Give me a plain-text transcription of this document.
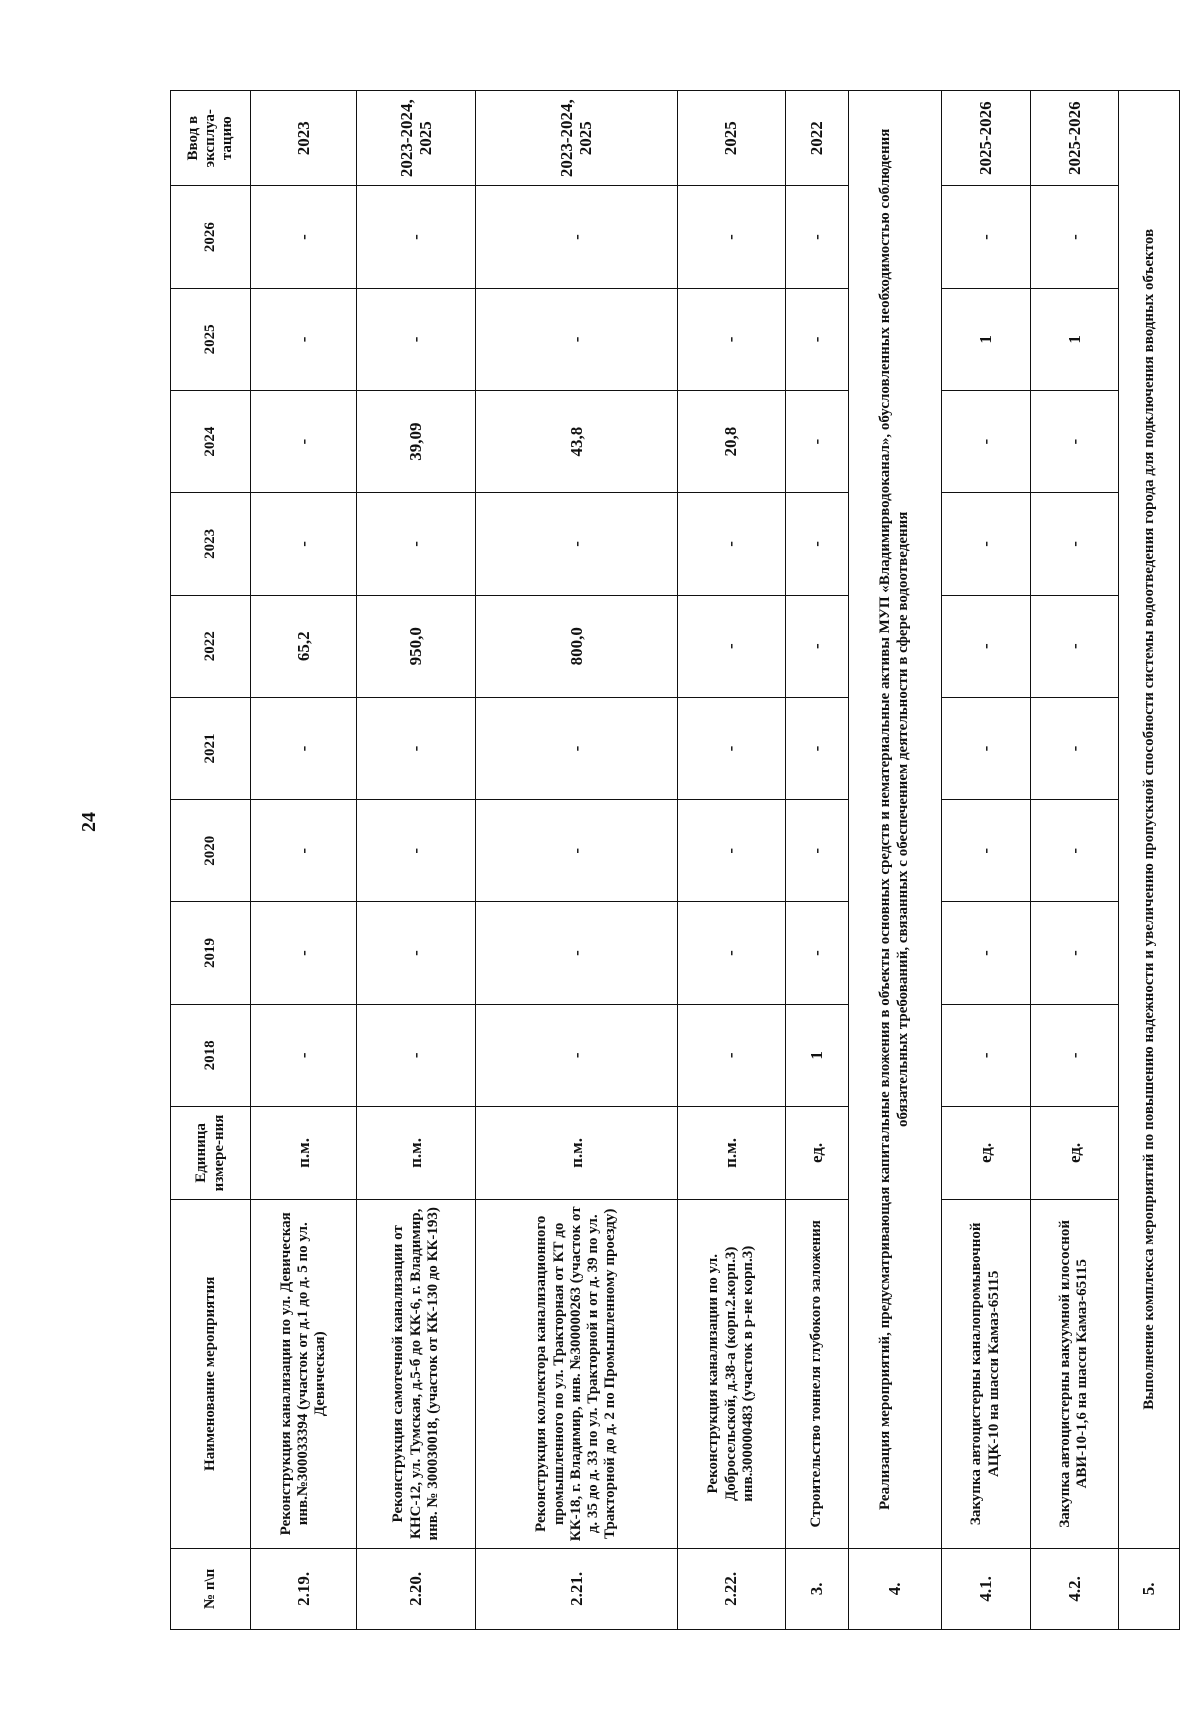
24
№ п\п	Наименование мероприятия	Единица измере-ния	2018	2019	2020	2021	2022	2023	2024	2025	2026	Ввод в эксплуа-тацию
2.19.	Реконструкция канализации по ул. Девическая инв.№300033394 (участок от д.1 до д. 5 по ул. Девическая)	п.м.	-	-	-	-	65,2	-	-	-	-	2023
2.20.	Реконструкция самотечной канализации от КНС-12, ул. Тумская, д.5-б до КК-6, г. Владимир, инв. № 300030018, (участок от КК-130 до КК-193)	п.м.	-	-	-	-	950,0	-	39,09	-	-	2023-2024, 2025
2.21.	Реконструкция коллектора канализационного промышленного по ул. Тракторная от КТ до КК-18, г. Владимир, инв. №300000263 (участок от д. 35 до д. 33 по ул. Тракторной и от д. 39 по ул. Тракторной до д. 2 по Промышленному проезду)	п.м.	-	-	-	-	800,0	-	43,8	-	-	2023-2024, 2025
2.22.	Реконструкция канализации по ул. Добросельской, д.38-а (корп.2.корп.3) инв.300000483 (участок в р-не корп.3)	п.м.	-	-	-	-	-	-	20,8	-	-	2025
3.	Строительство тоннеля глубокого заложения	ед.	1	-	-	-	-	-	-	-	-	2022
4.	Реализация мероприятий, предусматривающая капитальные вложения в объекты основных средств и нематериальные активы МУП «Владимирводоканал», обусловленных необходимостью соблюдения обязательных требований, связанных с обеспечением деятельности в сфере водоотведения											
4.1.	Закупка автоцистерны каналопромывочной АЦК-10 на шасси Камаз-65115	ед.	-	-	-	-	-	-	-	1	-	2025-2026
4.2.	Закупка автоцистерны вакуумной илососной АВИ-10-1,6 на шасси Камаз-65115	ед.	-	-	-	-	-	-	-	1	-	2025-2026
5.	Выполнение комплекса мероприятий по повышению надежности и увеличению пропускной способности системы водоотведения города для подключения вводных объектов											
